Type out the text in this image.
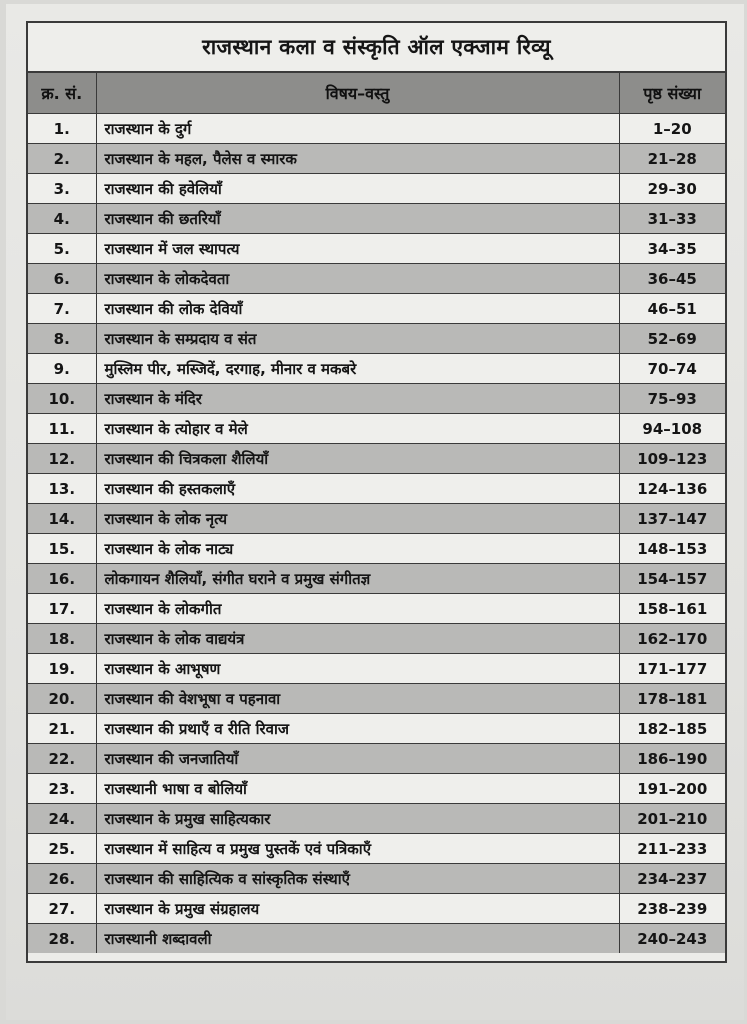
राजस्थान कला व संस्कृति ऑल एक्जाम रिव्यू
क्र. सं.	विषय–वस्तु	पृष्ठ संख्या
1.	राजस्थान के दुर्ग	1–20
2.	राजस्थान के महल, पैलेस व स्मारक	21–28
3.	राजस्थान की हवेलियाँ	29–30
4.	राजस्थान की छतरियाँ	31–33
5.	राजस्थान में जल स्थापत्य	34–35
6.	राजस्थान के लोकदेवता	36–45
7.	राजस्थान की लोक देवियाँ	46–51
8.	राजस्थान के सम्प्रदाय व संत	52–69
9.	मुस्लिम पीर, मस्जिदें, दरगाह, मीनार व मकबरे	70–74
10.	राजस्थान के मंदिर	75–93
11.	राजस्थान के त्योहार व मेले	94–108
12.	राजस्थान की चित्रकला शैलियाँ	109–123
13.	राजस्थान की हस्तकलाएँ	124–136
14.	राजस्थान के लोक नृत्य	137–147
15.	राजस्थान के लोक नाट्य	148–153
16.	लोकगायन शैलियाँ, संगीत घराने व प्रमुख संगीतज्ञ	154–157
17.	राजस्थान के लोकगीत	158–161
18.	राजस्थान के लोक वाद्ययंत्र	162–170
19.	राजस्थान के आभूषण	171–177
20.	राजस्थान की वेशभूषा व पहनावा	178–181
21.	राजस्थान की प्रथाएँ व रीति रिवाज	182–185
22.	राजस्थान की जनजातियाँ	186–190
23.	राजस्थानी भाषा व बोलियाँ	191–200
24.	राजस्थान के प्रमुख साहित्यकार	201–210
25.	राजस्थान में साहित्य व प्रमुख पुस्तकें एवं पत्रिकाएँ	211–233
26.	राजस्थान की साहित्यिक व सांस्कृतिक संस्थाएँ	234–237
27.	राजस्थान के प्रमुख संग्रहालय	238–239
28.	राजस्थानी शब्दावली	240–243
